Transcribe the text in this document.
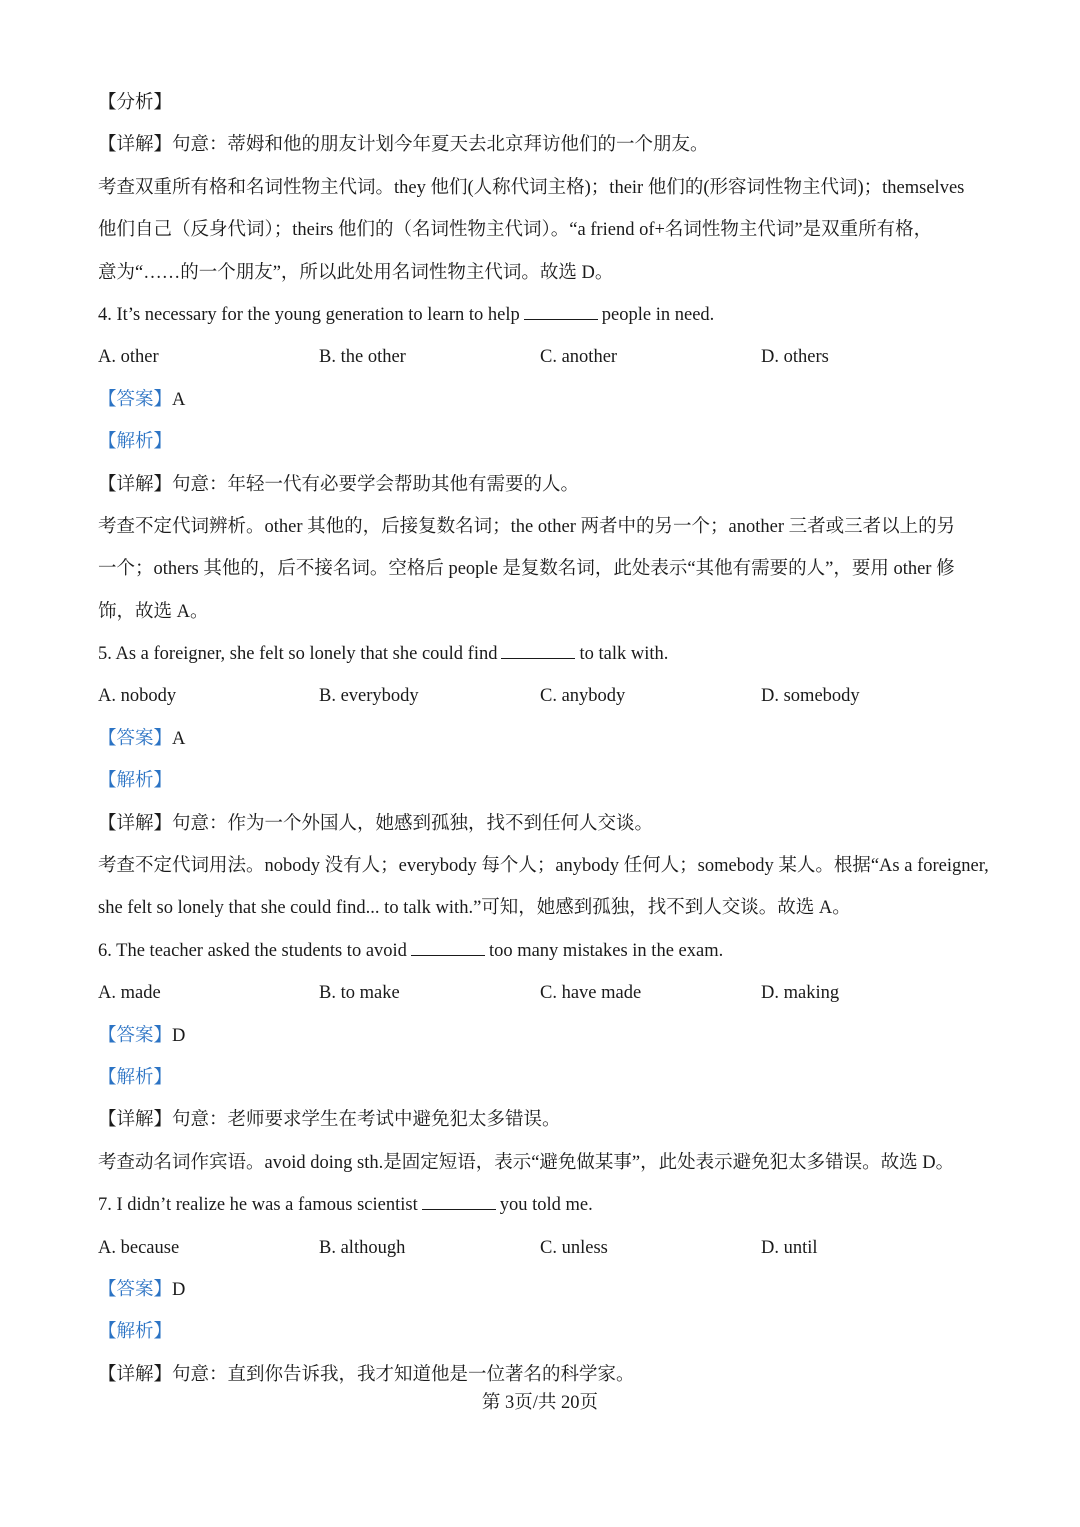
【分析】
【详解】句意：蒂姆和他的朋友计划今年夏天去北京拜访他们的一个朋友。
考查双重所有格和名词性物主代词。they 他们(人称代词主格)；their 他们的(形容词性物主代词)；themselves
他们自己（反身代词）；theirs 他们的（名词性物主代词）。“a friend of+名词性物主代词”是双重所有格，
意为“……的一个朋友”，所以此处用名词性物主代词。故选 D。
4. It’s necessary for the young generation to learn to help	people in need.
A. other	B. the other	C. another	D. others
【答案】A
【解析】
【详解】句意：年轻一代有必要学会帮助其他有需要的人。
考查不定代词辨析。other 其他的，后接复数名词；the other 两者中的另一个；another 三者或三者以上的另
一个；others 其他的，后不接名词。空格后 people 是复数名词，此处表示“其他有需要的人”，要用 other 修
饰，故选 A。
5. As a foreigner, she felt so lonely that she could find	to talk with.
A. nobody	B. everybody	C. anybody	D. somebody
【答案】A
【解析】
【详解】句意：作为一个外国人，她感到孤独，找不到任何人交谈。
考查不定代词用法。nobody 没有人；everybody 每个人；anybody 任何人；somebody 某人。根据“As a foreigner,
she felt so lonely that she could find... to talk with.”可知，她感到孤独，找不到人交谈。故选 A。
6. The teacher asked the students to avoid	too many mistakes in the exam.
A. made	B. to make	C. have made	D. making
【答案】D
【解析】
【详解】句意：老师要求学生在考试中避免犯太多错误。
考查动名词作宾语。avoid doing sth.是固定短语，表示“避免做某事”，此处表示避免犯太多错误。故选 D。
7. I didn’t realize he was a famous scientist	you told me.
A. because	B. although	C. unless	D. until
【答案】D
【解析】
【详解】句意：直到你告诉我，我才知道他是一位著名的科学家。
第 3页/共 20页
